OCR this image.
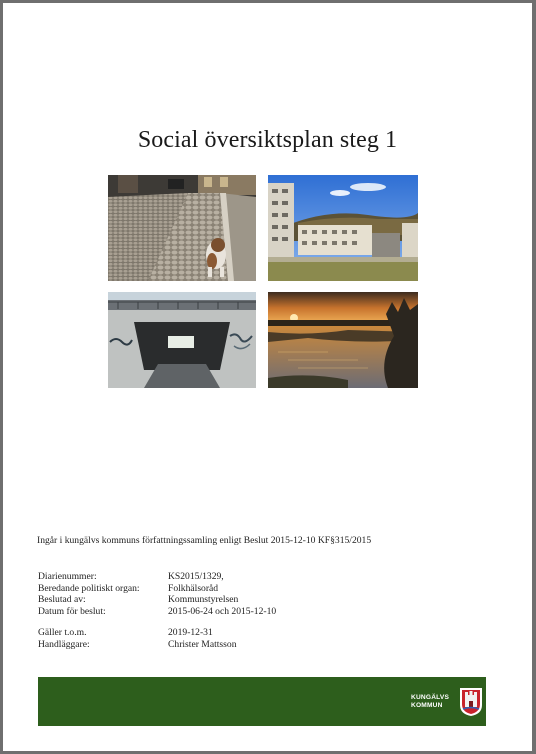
Social översiktsplan steg 1
Ingår i kungälvs kommuns författningssamling enligt Beslut 2015-12-10 KF§315/2015
Diarienummer:	KS2015/1329,
Beredande politiskt organ:	Folkhälsoråd
Beslutad av:	Kommunstyrelsen
Datum för beslut:	2015-06-24 och 2015-12-10
Gäller t.o.m.	2019-12-31
Handläggare:	Christer Mattsson
KUNGÄLVS
KOMMUN
